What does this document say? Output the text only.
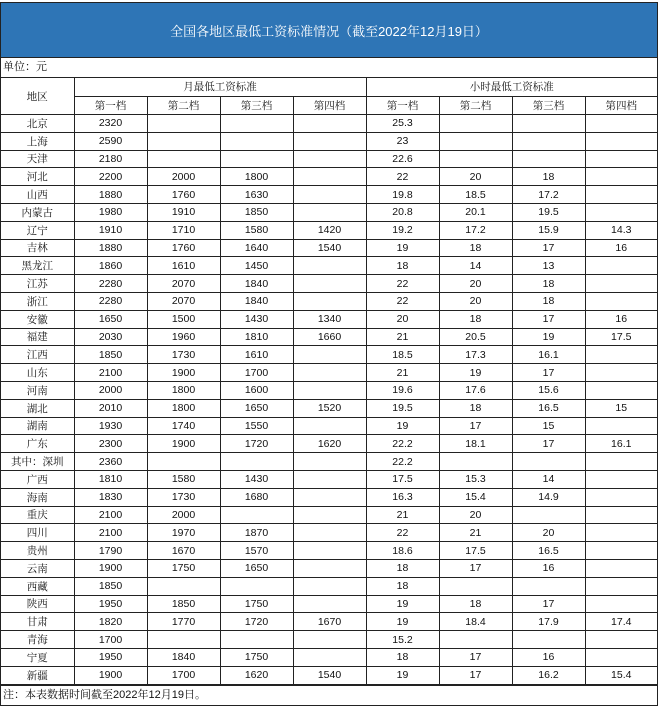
全国各地区最低工资标准情况（截至2022年12月19日）
单位：元
地区	月最低工资标准				小时最低工资标准			
	第一档	第二档	第三档	第四档	第一档	第二档	第三档	第四档
北京	2320				25.3			
上海	2590				23			
天津	2180				22.6			
河北	2200	2000	1800		22	20	18	
山西	1880	1760	1630		19.8	18.5	17.2	
内蒙古	1980	1910	1850		20.8	20.1	19.5	
辽宁	1910	1710	1580	1420	19.2	17.2	15.9	14.3
吉林	1880	1760	1640	1540	19	18	17	16
黑龙江	1860	1610	1450		18	14	13	
江苏	2280	2070	1840		22	20	18	
浙江	2280	2070	1840		22	20	18	
安徽	1650	1500	1430	1340	20	18	17	16
福建	2030	1960	1810	1660	21	20.5	19	17.5
江西	1850	1730	1610		18.5	17.3	16.1	
山东	2100	1900	1700		21	19	17	
河南	2000	1800	1600		19.6	17.6	15.6	
湖北	2010	1800	1650	1520	19.5	18	16.5	15
湖南	1930	1740	1550		19	17	15	
广东	2300	1900	1720	1620	22.2	18.1	17	16.1
其中：深圳	2360				22.2			
广西	1810	1580	1430		17.5	15.3	14	
海南	1830	1730	1680		16.3	15.4	14.9	
重庆	2100	2000			21	20		
四川	2100	1970	1870		22	21	20	
贵州	1790	1670	1570		18.6	17.5	16.5	
云南	1900	1750	1650		18	17	16	
西藏	1850				18			
陕西	1950	1850	1750		19	18	17	
甘肃	1820	1770	1720	1670	19	18.4	17.9	17.4
青海	1700				15.2			
宁夏	1950	1840	1750		18	17	16	
新疆	1900	1700	1620	1540	19	17	16.2	15.4
注：本表数据时间截至2022年12月19日。
